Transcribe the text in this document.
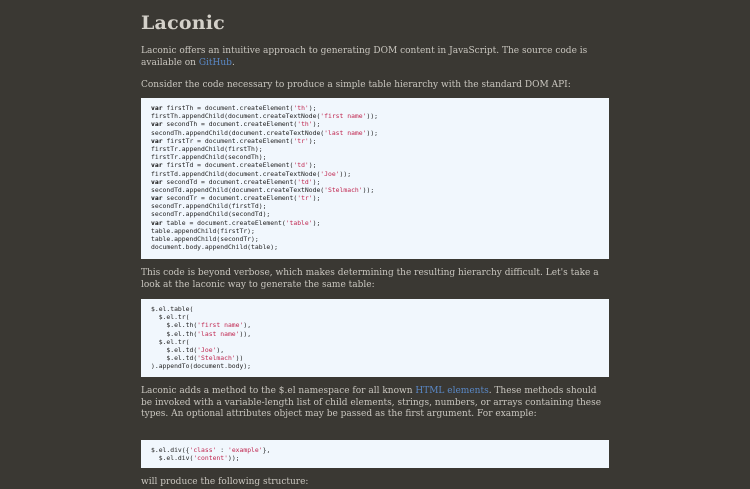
Laconic

Laconic offers an intuitive approach to generating DOM content in JavaScript. The source code is available on GitHub.

Consider the code necessary to produce a simple table hierarchy with the standard DOM API:

var firstTh = document.createElement('th');
firstTh.appendChild(document.createTextNode('first name'));
var secondTh = document.createElement('th');
secondTh.appendChild(document.createTextNode('last name'));
var firstTr = document.createElement('tr');
firstTr.appendChild(firstTh);
firstTr.appendChild(secondTh);
var firstTd = document.createElement('td');
firstTd.appendChild(document.createTextNode('Joe'));
var secondTd = document.createElement('td');
secondTd.appendChild(document.createTextNode('Stelmach'));
var secondTr = document.createElement('tr');
secondTr.appendChild(firstTd);
secondTr.appendChild(secondTd);
var table = document.createElement('table');
table.appendChild(firstTr);
table.appendChild(secondTr);
document.body.appendChild(table);

This code is beyond verbose, which makes determining the resulting hierarchy difficult. Let's take a look at the laconic way to generate the same table:

$.el.table(
$.el.tr(
$.el.th('first name'),
$.el.th('last name')),
$.el.tr(
$.el.td('Joe'),
$.el.td('Stelmach'))
).appendTo(document.body);

Laconic adds a method to the $.el namespace for all known HTML elements. These methods should be invoked with a variable-length list of child elements, strings, numbers, or arrays containing these types. An optional attributes object may be passed as the first argument. For example:

$.el.div({'class' : 'example'},
$.el.div('content'));

will produce the following structure:
